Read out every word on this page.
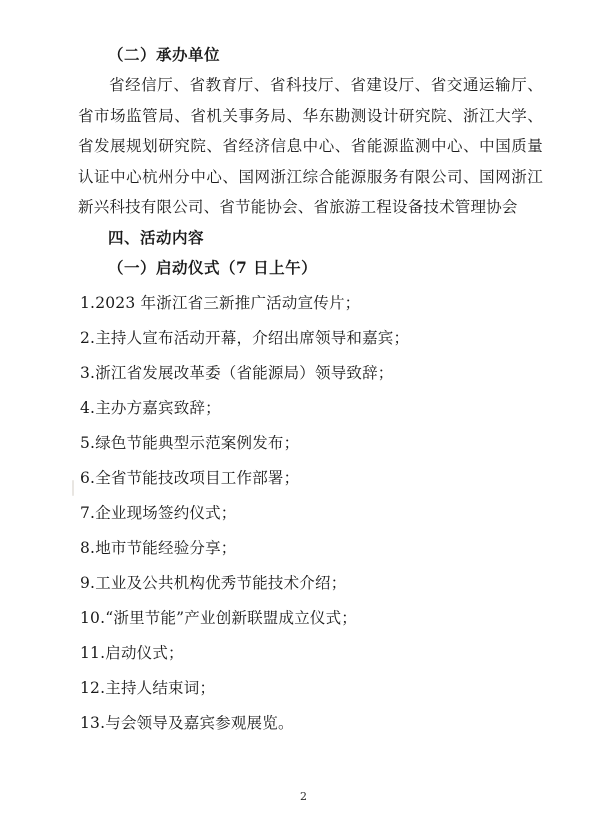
（二）承办单位

省经信厅、省教育厅、省科技厅、省建设厅、省交通运输厅、省市场监管局、省机关事务局、华东勘测设计研究院、浙江大学、省发展规划研究院、省经济信息中心、省能源监测中心、中国质量认证中心杭州分中心、国网浙江综合能源服务有限公司、国网浙江新兴科技有限公司、省节能协会、省旅游工程设备技术管理协会

四、活动内容

（一）启动仪式（7 日上午）

1.2023 年浙江省三新推广活动宣传片；
2.主持人宣布活动开幕，介绍出席领导和嘉宾；
3.浙江省发展改革委（省能源局）领导致辞；
4.主办方嘉宾致辞；
5.绿色节能典型示范案例发布；
6.全省节能技改项目工作部署；
7.企业现场签约仪式；
8.地市节能经验分享；
9.工业及公共机构优秀节能技术介绍；
10.“浙里节能”产业创新联盟成立仪式；
11.启动仪式；
12.主持人结束词；
13.与会领导及嘉宾参观展览。
2
